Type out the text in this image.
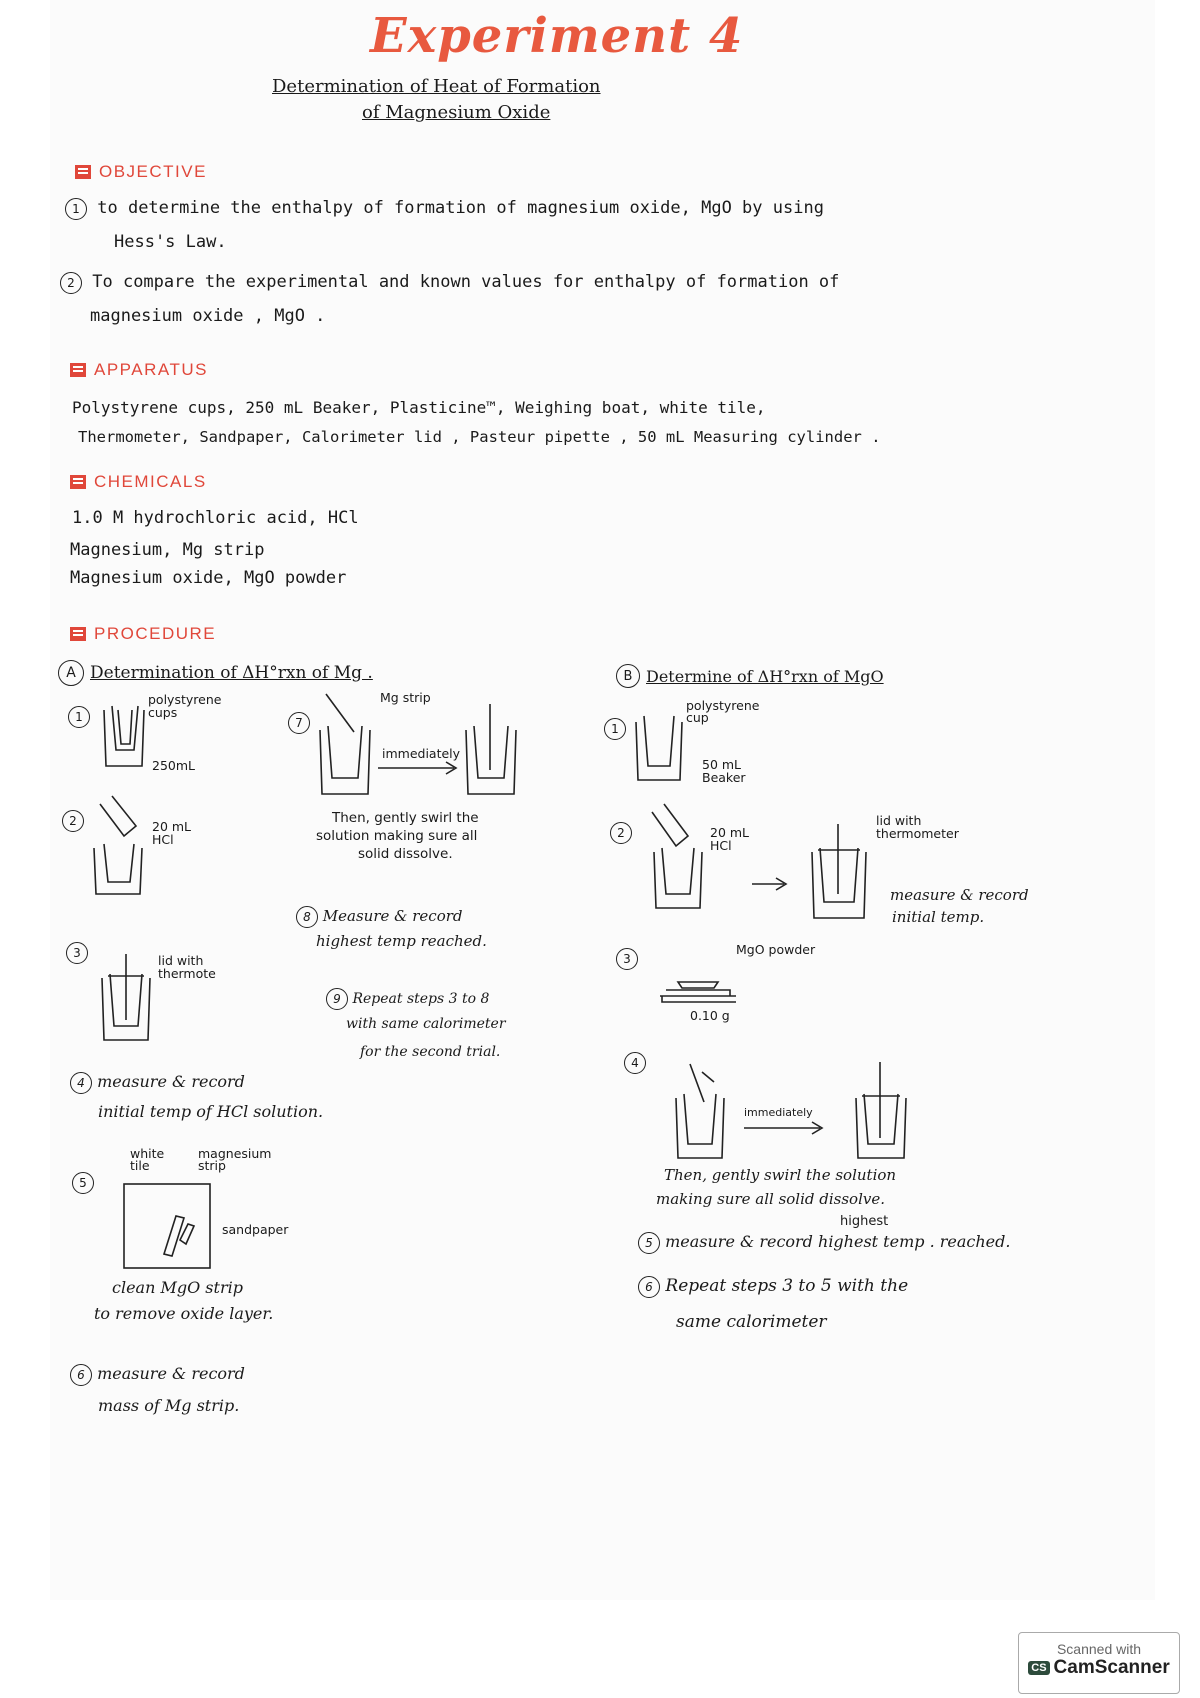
Experiment 4
Determination of Heat of Formation
of Magnesium Oxide
OBJECTIVE
1 to determine the enthalpy of formation of magnesium oxide, MgO by using
Hess's Law.
2 To compare the experimental and known values for enthalpy of formation of
magnesium oxide , MgO .
APPARATUS
Polystyrene cups, 250 mL Beaker, Plasticine™, Weighing boat, white tile,
Thermometer, Sandpaper, Calorimeter lid , Pasteur pipette , 50 mL Measuring cylinder .
CHEMICALS
1.0 M hydrochloric acid, HCl
Magnesium, Mg strip
Magnesium oxide, MgO powder
PROCEDURE
A Determination of ΔH°rxn of Mg .
1
polystyrene cups
250mL
2	20 mL HCl
3	lid with thermote
4 measure & record
initial temp of HCl solution.
5
white tile
magnesium strip
sandpaper
clean MgO strip
to remove oxide layer.
6 measure & record
mass of Mg strip.
7
Mg strip
immediately
Then, gently swirl the
solution making sure all
solid dissolve.
8 Measure & record
highest temp reached.
9 Repeat steps 3 to 8
with same calorimeter
for the second trial.
B Determine of ΔH°rxn of MgO
1
polystyrene cup
50 mL Beaker
2	20 mL HCl
lid with thermometer
measure & record
initial temp.
3
MgO powder
0.10 g
4
immediately
Then, gently swirl the solution
making sure all solid dissolve.
highest
5 measure & record highest temp . reached.
6 Repeat steps 3 to 5 with the
same calorimeter
Scanned with
CS CamScanner
